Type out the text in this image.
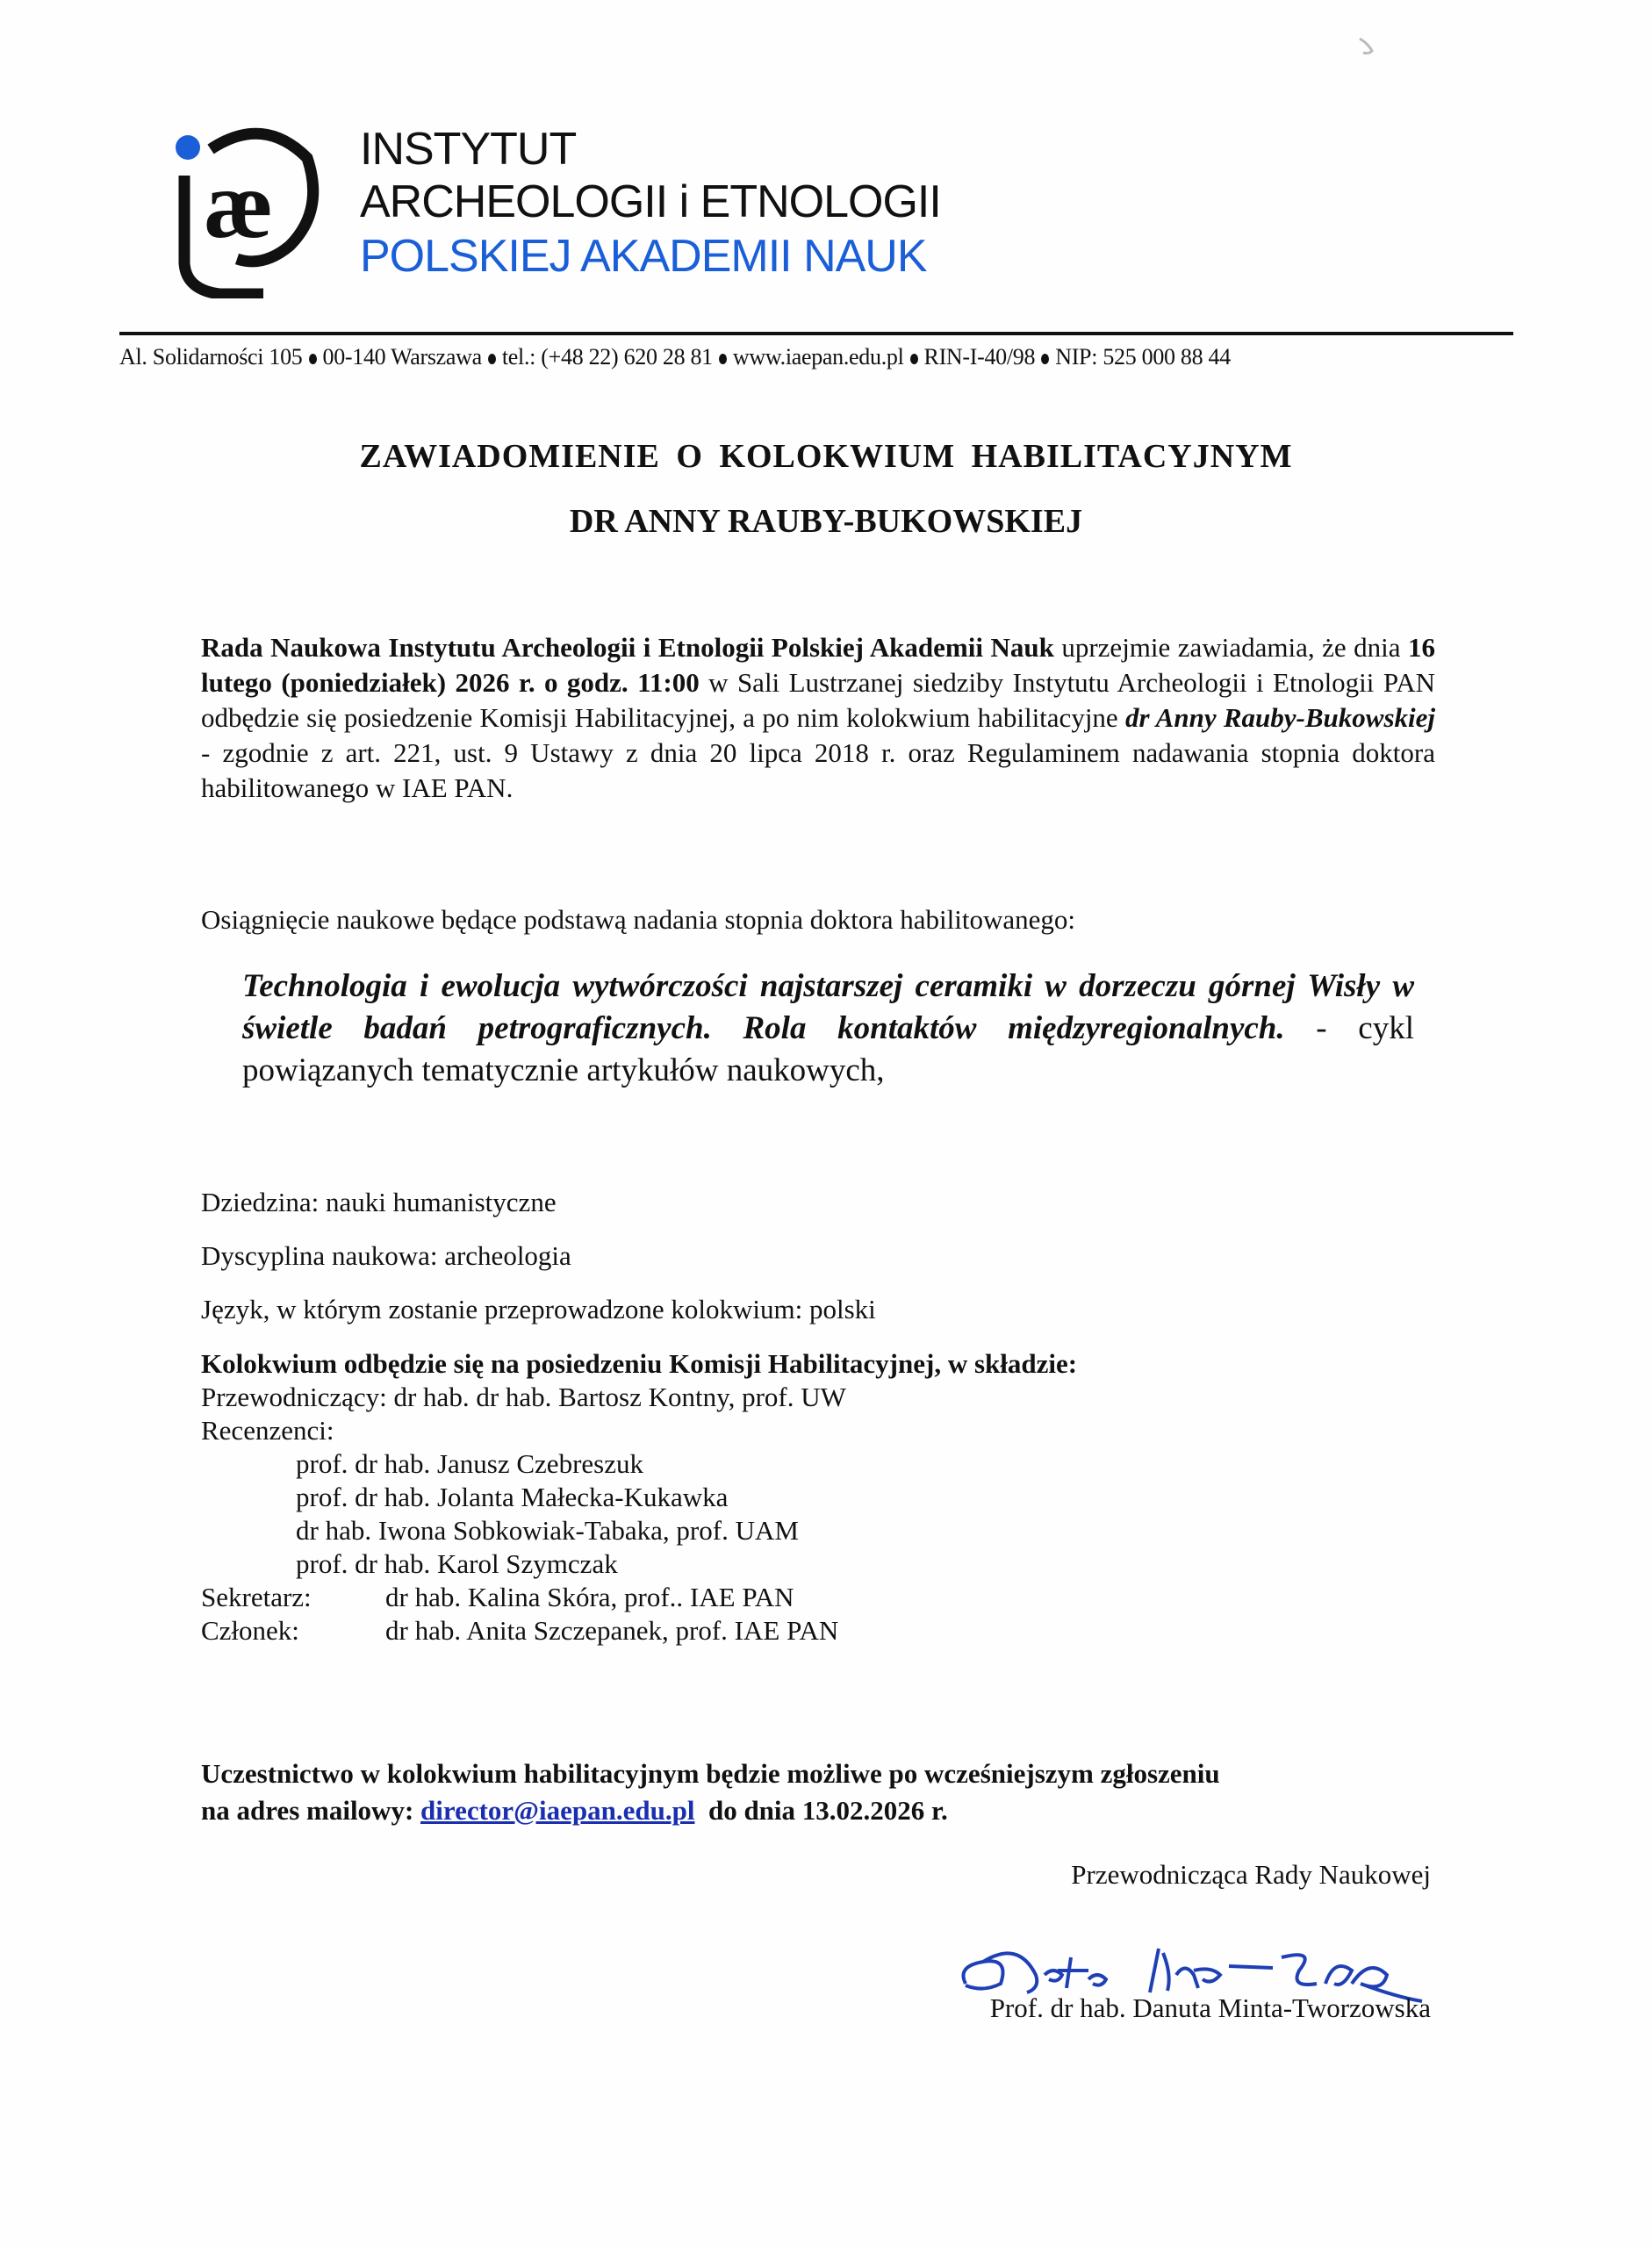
æ
INSTYTUT
ARCHEOLOGII i ETNOLOGII
POLSKIEJ AKADEMII NAUK
Al. Solidarności 105 00-140 Warszawa tel.: (+48 22) 620 28 81 www.iaepan.edu.pl RIN-I-40/98 NIP: 525 000 88 44
ZAWIADOMIENIE O KOLOKWIUM HABILITACYJNYM
DR ANNY RAUBY-BUKOWSKIEJ
Rada Naukowa Instytutu Archeologii i Etnologii Polskiej Akademii Nauk uprzejmie zawiadamia, że dnia 16 lutego (poniedziałek) 2026 r. o godz. 11:00 w Sali Lustrzanej siedziby Instytutu Archeologii i Etnologii PAN odbędzie się posiedzenie Komisji Habilitacyjnej, a po nim kolokwium habilitacyjne dr Anny Rauby-Bukowskiej - zgodnie z art. 221, ust. 9 Ustawy z dnia 20 lipca 2018 r. oraz Regulaminem nadawania stopnia doktora habilitowanego w IAE PAN.
Osiągnięcie naukowe będące podstawą nadania stopnia doktora habilitowanego:
Technologia i ewolucja wytwórczości najstarszej ceramiki w dorzeczu górnej Wisły w świetle badań petrograficznych. Rola kontaktów międzyregionalnych. - cykl powiązanych tematycznie artykułów naukowych,
Dziedzina: nauki humanistyczne
Dyscyplina naukowa: archeologia
Język, w którym zostanie przeprowadzone kolokwium: polski
Kolokwium odbędzie się na posiedzeniu Komisji Habilitacyjnej, w składzie:
Przewodniczący: dr hab. dr hab. Bartosz Kontny, prof. UW
Recenzenci:
prof. dr hab. Janusz Czebreszuk
prof. dr hab. Jolanta Małecka-Kukawka
dr hab. Iwona Sobkowiak-Tabaka, prof. UAM
prof. dr hab. Karol Szymczak
Sekretarz:	dr hab. Kalina Skóra, prof.. IAE PAN
Członek:	dr hab. Anita Szczepanek, prof. IAE PAN
Uczestnictwo w kolokwium habilitacyjnym będzie możliwe po wcześniejszym zgłoszeniu
na adres mailowy: director@iaepan.edu.pl  do dnia 13.02.2026 r.
Przewodnicząca Rady Naukowej
Prof. dr hab. Danuta Minta-Tworzowska
